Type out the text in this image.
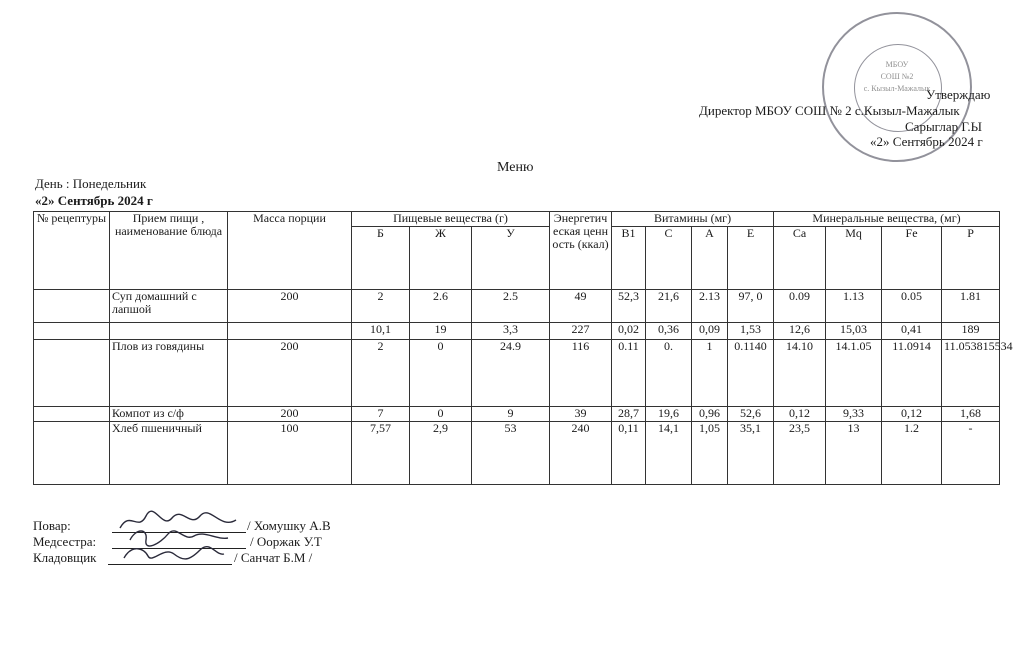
МБОУ
СОШ №2
с. Кызыл-Мажалык
Утверждаю
Директор МБОУ СОШ № 2 с.Кызыл-Мажалык
Сарыглар Г.Ы
«2» Сентябрь 2024 г
Меню
День : Понедельник
«2» Сентябрь 2024 г
№ рецептуры	Прием пищи , наименование блюда	Масса порции	Пищевые вещества (г)			Энергетическая ценность (ккал)	Витамины (мг)				Минеральные вещества, (мг)			
			Б	Ж	У		B1	C	A	E	Ca	Mq	Fe	P
	Суп домашний с лапшой	200	2	2.6	2.5	49	52,3	21,6	2.13	97, 0	0.09	1.13	0.05	1.81
			10,1	19	3,3	227	0,02	0,36	0,09	1,53	12,6	15,03	0,41	189
	Плов из говядины	200	2	0	24.9	116	0.11	0.	1	0.1140	14.10	14.1.05	11.0914	11.053815534
	Компот из с/ф	200	7	0	9	39	28,7	19,6	0,96	52,6	0,12	9,33	0,12	1,68
	Хлеб пшеничный	100	7,57	2,9	53	240	0,11	14,1	1,05	35,1	23,5	13	1.2	-
Повар:	/ Хомушку А.В
Медсестра:	/ Ооржак У.Т
Кладовщик	/ Санчат Б.М /
